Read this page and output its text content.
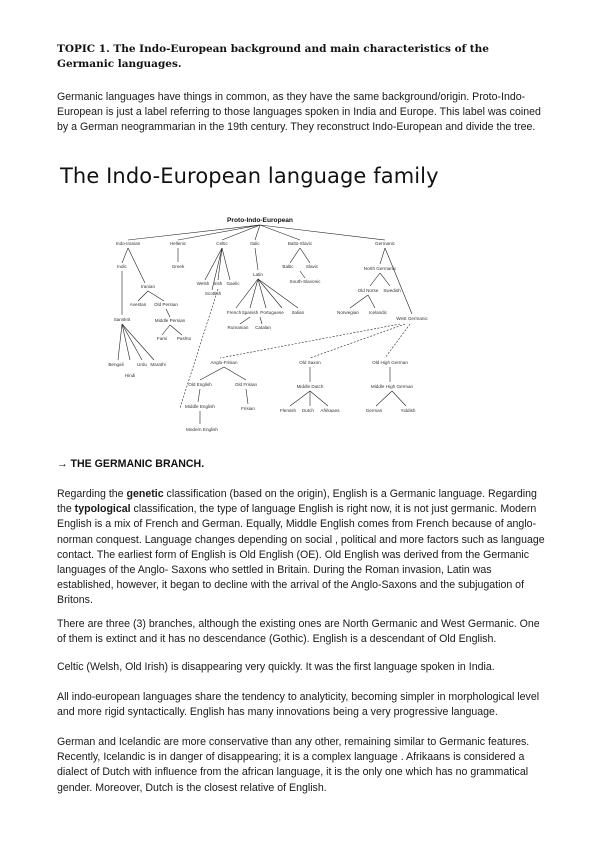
TOPIC 1. The Indo-European background and main characteristics of the Germanic languages.

Germanic languages have things in common, as they have the same background/origin. Proto-Indo-European is just a label referring to those languages spoken in India and Europe. This label was coined by a German neogrammarian in the 19th century. They reconstruct Indo-European and divide the tree.

The Indo-European language family
Proto-Indo-European
Indo-Iranian	Hellenic	Celtic	Italic	Balto-Slavic	Germanic
Indic
Iranian
Avestan Old Persian
Middle Persian
Farsi Pashto
Sanskrit
Bengali	Urdu Marathi
Hindi
Greek
Welsh Irish Gaelic
Scottish
Latin
French Spanish Portuguese Italian
Rumanian Catalan
Baltic	Slavic
South-Slavonic
North Germanic
Old Norse Swedish
Norwegian Icelandic
West Germanic
Anglo-Frisian
Old English	Old Frisian
Middle English	Frisian
Modern English
Old Saxon
Middle Dutch
Flemish Dutch Afrikaans
Old High German
Middle High German
German	Yiddish

→ THE GERMANIC BRANCH.

Regarding the genetic classification (based on the origin), English is a Germanic language. Regarding the typological classification, the type of language English is right now, it is not just germanic. Modern English is a mix of French and German. Equally, Middle English comes from French because of anglo-norman conquest. Language changes depending on social , political and more factors such as language contact. The earliest form of English is Old English (OE). Old English was derived from the Germanic languages of the Anglo- Saxons who settled in Britain. During the Roman invasion, Latin was established, however, it began to decline with the arrival of the Anglo-Saxons and the subjugation of Britons.

There are three (3) branches, although the existing ones are North Germanic and West Germanic. One of them is extinct and it has no descendance (Gothic). English is a descendant of Old English.

Celtic (Welsh, Old Irish) is disappearing very quickly. It was the first language spoken in India.

All indo-european languages share the tendency to analyticity, becoming simpler in morphological level and more rigid syntactically. English has many innovations being a very progressive language.

German and Icelandic are more conservative than any other, remaining similar to Germanic features. Recently, Icelandic is in danger of disappearing; it is a complex language . Afrikaans is considered a dialect of Dutch with influence from the african language, it is the only one which has no grammatical gender. Moreover, Dutch is the closest relative of English.
